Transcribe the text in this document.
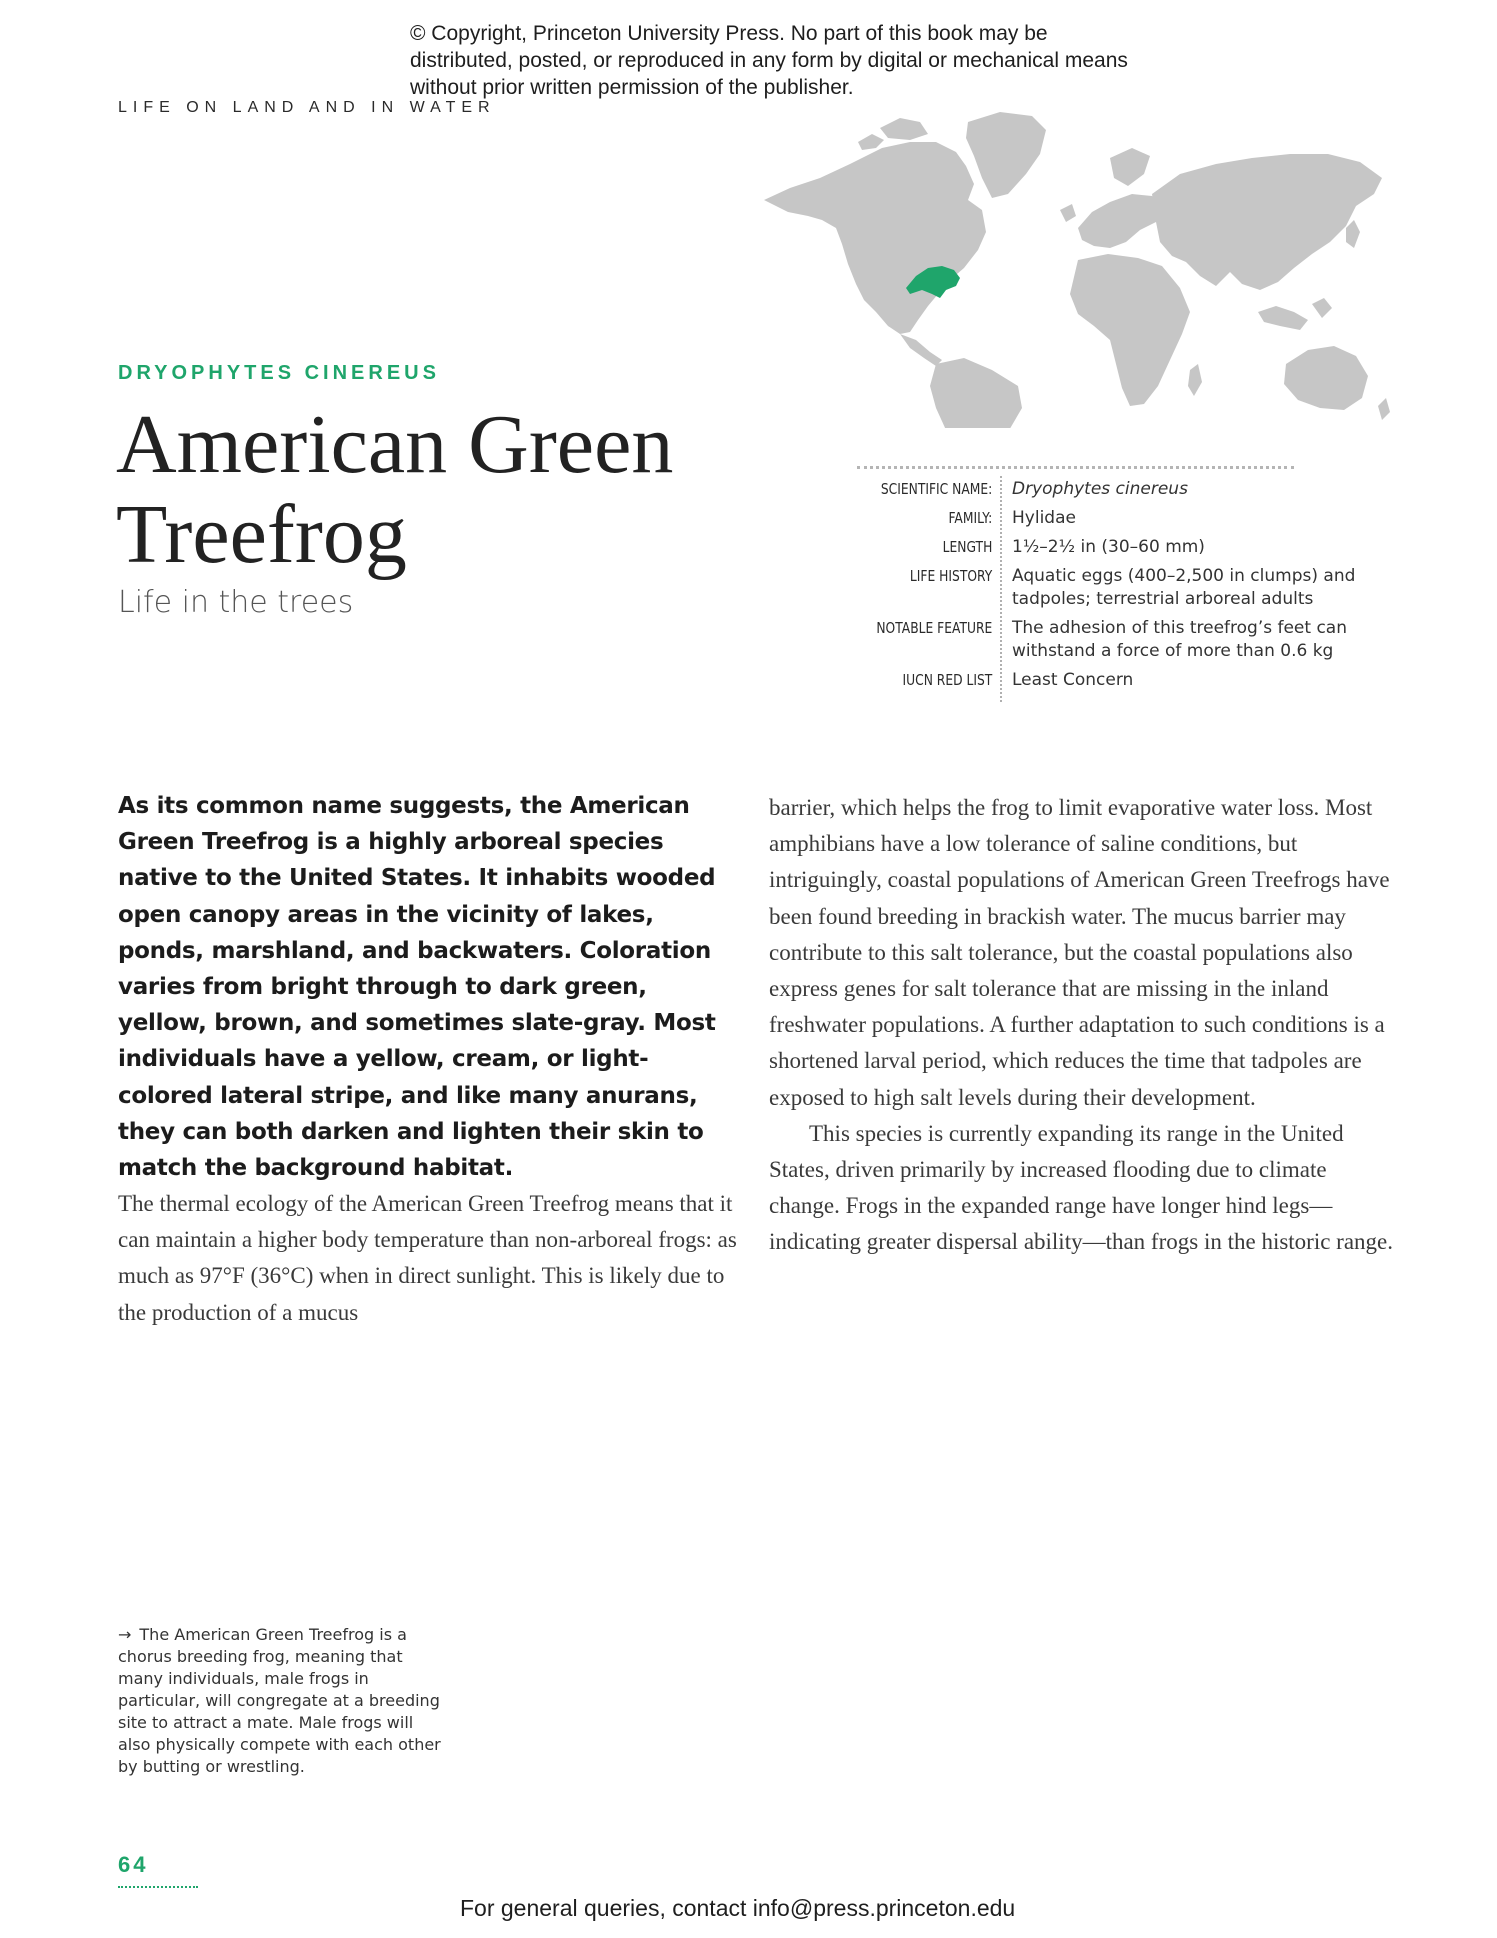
© Copyright, Princeton University Press. No part of this book may be distributed, posted, or reproduced in any form by digital or mechanical means without prior written permission of the publisher.
LIFE ON LAND AND IN WATER
DRYOPHYTES CINEREUS
American Green Treefrog
Life in the trees
SCIENTIFIC NAME:	Dryophytes cinereus
FAMILY:	Hylidae
LENGTH	1½–2½ in (30–60 mm)
LIFE HISTORY	Aquatic eggs (400–2,500 in clumps) and tadpoles; terrestrial arboreal adults
NOTABLE FEATURE	The adhesion of this treefrog’s feet can withstand a force of more than 0.6 kg
IUCN RED LIST	Least Concern
As its common name suggests, the American Green Treefrog is a highly arboreal species native to the United States. It inhabits wooded open canopy areas in the vicinity of lakes, ponds, marshland, and backwaters. Coloration varies from bright through to dark green, yellow, brown, and sometimes slate-gray. Most individuals have a yellow, cream, or light-colored lateral stripe, and like many anurans, they can both darken and lighten their skin to match the background habitat.
The thermal ecology of the American Green Treefrog means that it can maintain a higher body temperature than non-arboreal frogs: as much as 97°F (36°C) when in direct sunlight. This is likely due to the production of a mucus
barrier, which helps the frog to limit evaporative water loss. Most amphibians have a low tolerance of saline conditions, but intriguingly, coastal populations of American Green Treefrogs have been found breeding in brackish water. The mucus barrier may contribute to this salt tolerance, but the coastal populations also express genes for salt tolerance that are missing in the inland freshwater populations. A further adaptation to such conditions is a shortened larval period, which reduces the time that tadpoles are exposed to high salt levels during their development.
This species is currently expanding its range in the United States, driven primarily by increased flooding due to climate change. Frogs in the expanded range have longer hind legs—indicating greater dispersal ability—than frogs in the historic range.
→ The American Green Treefrog is a chorus breeding frog, meaning that many individuals, male frogs in particular, will congregate at a breeding site to attract a mate. Male frogs will also physically compete with each other by butting or wrestling.
64
For general queries, contact info@press.princeton.edu
